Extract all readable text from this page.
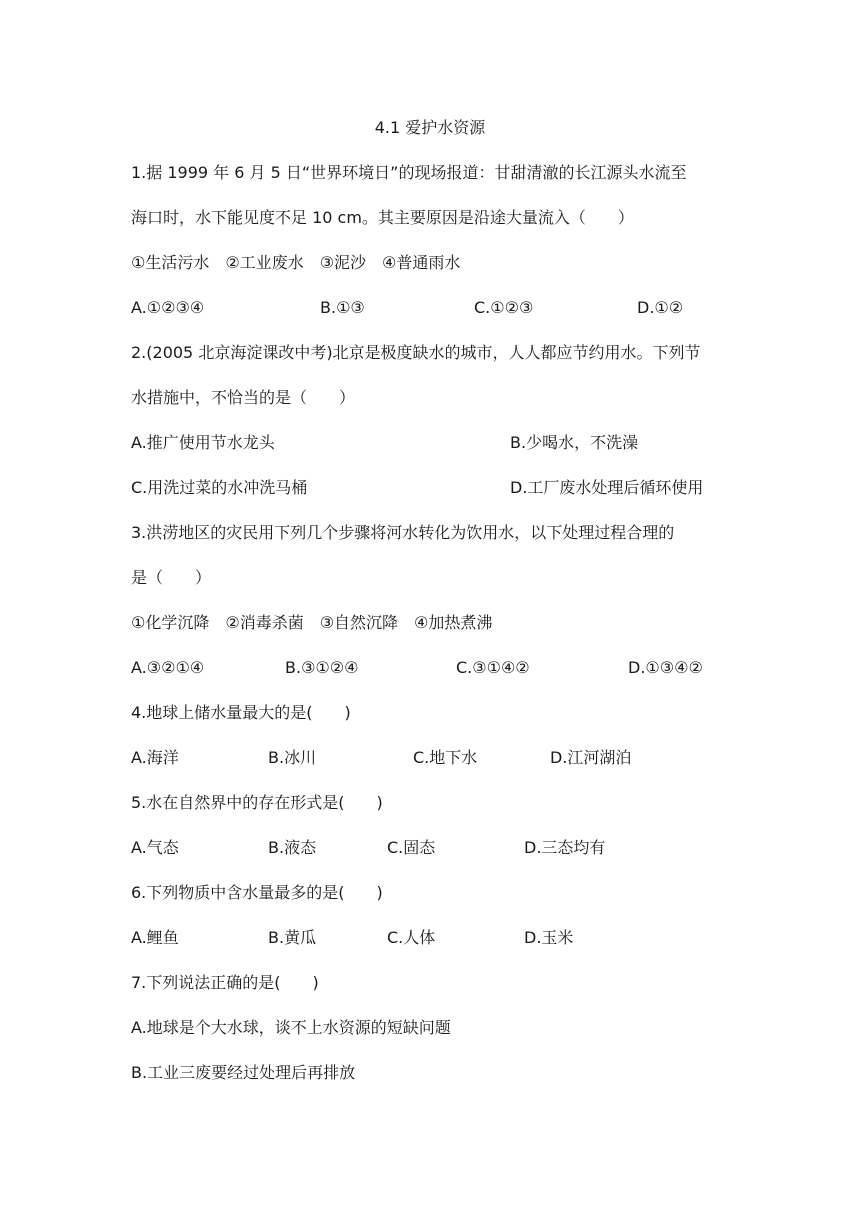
4.1 爱护水资源
1.据 1999 年 6 月 5 日“世界环境日”的现场报道：甘甜清澈的长江源头水流至
海口时，水下能见度不足 10 cm。其主要原因是沿途大量流入（　　）
①生活污水　②工业废水　③泥沙　④普通雨水
A.①②③④	B.①③	C.①②③	D.①②
2.(2005 北京海淀课改中考)北京是极度缺水的城市，人人都应节约用水。下列节
水措施中，不恰当的是（　　）
A.推广使用节水龙头	B.少喝水，不洗澡
C.用洗过菜的水冲洗马桶	D.工厂废水处理后循环使用
3.洪涝地区的灾民用下列几个步骤将河水转化为饮用水，以下处理过程合理的
是（　　）
①化学沉降　②消毒杀菌　③自然沉降　④加热煮沸
A.③②①④	B.③①②④	C.③①④②	D.①③④②
4.地球上储水量最大的是(　　)
A.海洋	B.冰川	C.地下水	D.江河湖泊
5.水在自然界中的存在形式是(　　)
A.气态	B.液态	C.固态	D.三态均有
6.下列物质中含水量最多的是(　　)
A.鲤鱼	B.黄瓜	C.人体	D.玉米
7.下列说法正确的是(　　)
A.地球是个大水球，谈不上水资源的短缺问题
B.工业三废要经过处理后再排放
